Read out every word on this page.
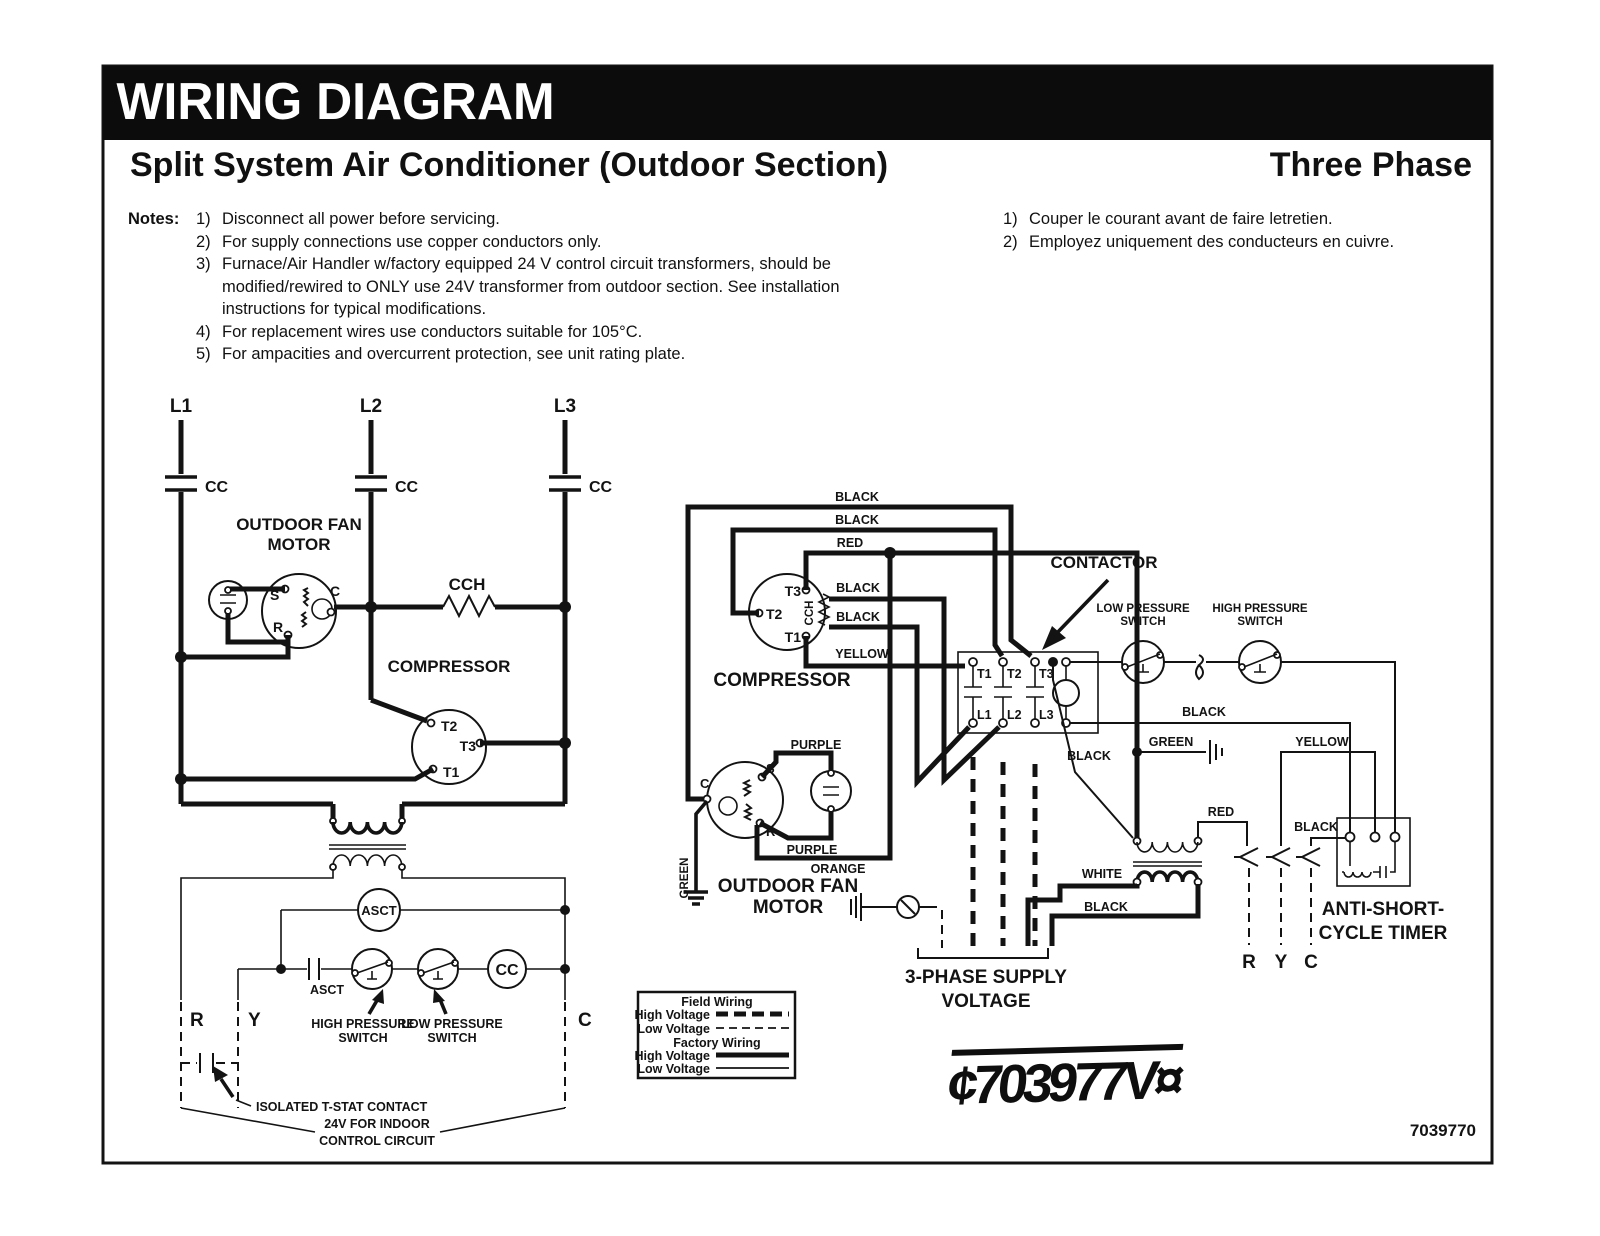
L1	L2	L3
CC	CC	CC
OUTDOOR FAN
MOTOR
S	C
R
CCH
COMPRESSOR
T2
T3
T1
ASCT
ASCT
CC
HIGH PRESSURE
SWITCH
LOW PRESSURE
SWITCH
R Y	C
ISOLATED T-STAT CONTACT
24V FOR INDOOR
CONTROL CIRCUIT
BLACK
BLACK
RED
BLACK
BLACK
YELLOW
T3
T2
T1
CCH
COMPRESSOR
C
S
R
PURPLE
PURPLE
ORANGE
GREEN OUTDOOR FAN
MOTOR
3-PHASE SUPPLY
VOLTAGE
T1 T2 T3
L1 L2 L3
CONTACTOR
LOW PRESSURE
SWITCH
HIGH PRESSURE
SWITCH
BLACK
YELLOW
GREEN
BLACK
RED
WHITE
BLACK
BLACK
ANTI-SHORT-
CYCLE TIMER
R Y C
Field Wiring
High Voltage
Low Voltage
Factory Wiring
High Voltage
Low Voltage
7039770
WIRING DIAGRAM
Split System Air Conditioner (Outdoor Section)	Three Phase
Notes: 1) Disconnect all power before servicing.
2) For supply connections use copper conductors only.
3) Furnace/Air Handler w/factory equipped 24 V control circuit transformers, should be modified/rewired to ONLY use 24V transformer from outdoor section. See installation instructions for typical modifications.
4) For replacement wires use conductors suitable for 105°C.
5) For ampacities and overcurrent protection, see unit rating plate.
1) Couper le courant avant de faire letretien.
2) Employez uniquement des conducteurs en cuivre.
¢703977V¤
